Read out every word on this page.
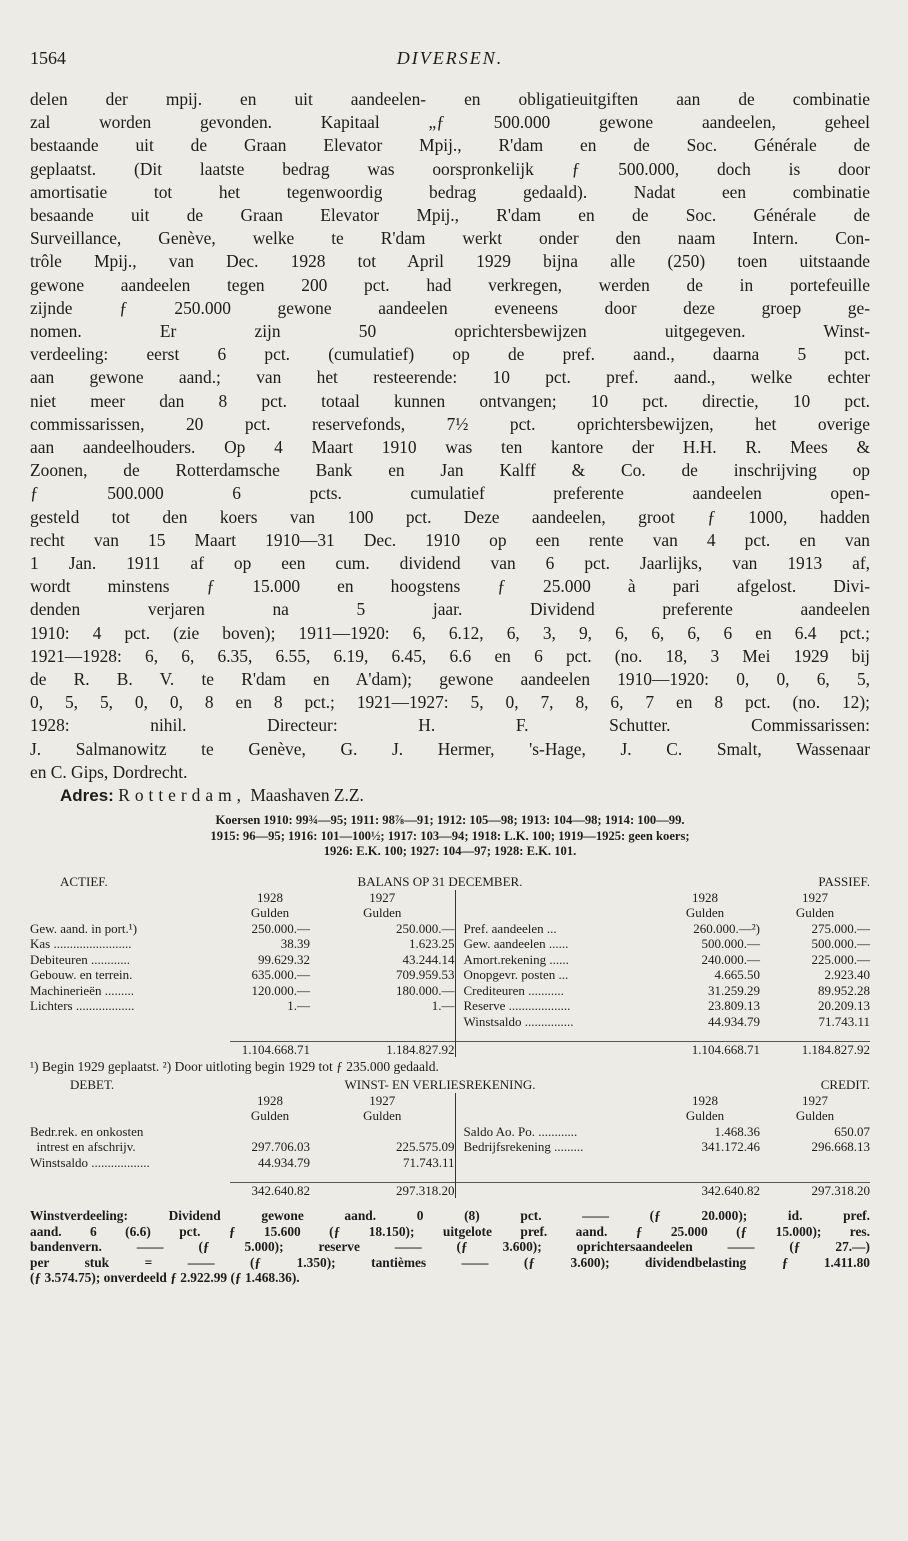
1564	DIVERSEN.

delen der mpij. en uit aandeelen- en obligatieuitgiften aan de combinatie

zal worden gevonden. Kapitaal „ƒ 500.000 gewone aandeelen, geheel

bestaande uit de Graan Elevator Mpij., R'dam en de Soc. Générale de

geplaatst. (Dit laatste bedrag was oorspronkelijk ƒ 500.000, doch is door

amortisatie tot het tegenwoordig bedrag gedaald). Nadat een combinatie

besaande uit de Graan Elevator Mpij., R'dam en de Soc. Générale de

Surveillance, Genève, welke te R'dam werkt onder den naam Intern. Con-

trôle Mpij., van Dec. 1928 tot April 1929 bijna alle (250) toen uitstaande

gewone aandeelen tegen 200 pct. had verkregen, werden de in portefeuille

zijnde ƒ 250.000 gewone aandeelen eveneens door deze groep ge-

nomen. Er zijn 50 oprichtersbewijzen uitgegeven. Winst-

verdeeling: eerst 6 pct. (cumulatief) op de pref. aand., daarna 5 pct.

aan gewone aand.; van het resteerende: 10 pct. pref. aand., welke echter

niet meer dan 8 pct. totaal kunnen ontvangen; 10 pct. directie, 10 pct.

commissarissen, 20 pct. reservefonds, 7½ pct. oprichtersbewijzen, het overige

aan aandeelhouders. Op 4 Maart 1910 was ten kantore der H.H. R. Mees &

Zoonen, de Rotterdamsche Bank en Jan Kalff & Co. de inschrijving op

ƒ 500.000 6 pcts. cumulatief preferente aandeelen open-

gesteld tot den koers van 100 pct. Deze aandeelen, groot ƒ 1000, hadden

recht van 15 Maart 1910—31 Dec. 1910 op een rente van 4 pct. en van

1 Jan. 1911 af op een cum. dividend van 6 pct. Jaarlijks, van 1913 af,

wordt minstens ƒ 15.000 en hoogstens ƒ 25.000 à pari afgelost. Divi-

denden verjaren na 5 jaar. Dividend preferente aandeelen

1910: 4 pct. (zie boven); 1911—1920: 6, 6.12, 6, 3, 9, 6, 6, 6, 6 en 6.4 pct.;

1921—1928: 6, 6, 6.35, 6.55, 6.19, 6.45, 6.6 en 6 pct. (no. 18, 3 Mei 1929 bij

de R. B. V. te R'dam en A'dam); gewone aandeelen 1910—1920: 0, 0, 6, 5,

0, 5, 5, 0, 0, 8 en 8 pct.; 1921—1927: 5, 0, 7, 8, 6, 7 en 8 pct. (no. 12);

1928: nihil. Directeur: H. F. Schutter. Commissarissen:

J. Salmanowitz te Genève, G. J. Hermer, 's-Hage, J. C. Smalt, Wassenaar

en C. Gips, Dordrecht.

Adres: Rotterdam, Maashaven Z.Z.

Koersen 1910: 99¾—95; 1911: 98⅞—91; 1912: 105—98; 1913: 104—98; 1914: 100—99.
1915: 96—95; 1916: 101—100½; 1917: 103—94; 1918: L.K. 100; 1919—1925: geen koers;
1926: E.K. 100; 1927: 104—97; 1928: E.K. 101.
ACTIEF.	BALANS OP 31 DECEMBER.			PASSIEF.	
	1928	1927		1928	1927
	Gulden	Gulden		Gulden	Gulden
Gew. aand. in port.¹)	250.000.—	250.000.—	Pref. aandeelen ...	260.000.—²)	275.000.—
Kas ........................	38.39	1.623.25	Gew. aandeelen ......	500.000.—	500.000.—
Debiteuren ............	99.629.32	43.244.14	Amort.rekening ......	240.000.—	225.000.—
Gebouw. en terrein.	635.000.—	709.959.53	Onopgevr. posten ...	4.665.50	2.923.40
Machinerieën .........	120.000.—	180.000.—	Crediteuren ...........	31.259.29	89.952.28
Lichters ..................	1.—	1.—	Reserve ...................	23.809.13	20.209.13
			Winstsaldo ...............	44.934.79	71.743.11

	1.104.668.71	1.184.827.92		1.104.668.71	1.184.827.92
¹) Begin 1929 geplaatst. ²) Door uitloting begin 1929 tot ƒ 235.000 gedaald.
DEBET.	WINST- EN VERLIESREKENING.			CREDIT.	
	1928	1927		1928	1927
	Gulden	Gulden		Gulden	Gulden
Bedr.rek. en onkosten			Saldo Ao. Po. ............	1.468.36	650.07
intrest en afschrijv.	297.706.03	225.575.09	Bedrijfsrekening .........	341.172.46	296.668.13
Winstsaldo ..................	44.934.79	71.743.11			

	342.640.82	297.318.20		342.640.82	297.318.20
Winstverdeeling: Dividend gewone aand. 0 (8) pct. —— (ƒ 20.000); id. pref.
aand. 6 (6.6) pct. ƒ 15.600 (ƒ 18.150); uitgelote pref. aand. ƒ 25.000 (ƒ 15.000); res.
bandenvern. —— (ƒ 5.000); reserve —— (ƒ 3.600); oprichtersaandeelen —— (ƒ 27.—)
per stuk = —— (ƒ 1.350); tantièmes —— (ƒ 3.600); dividendbelasting ƒ 1.411.80
(ƒ 3.574.75); onverdeeld ƒ 2.922.99 (ƒ 1.468.36).
